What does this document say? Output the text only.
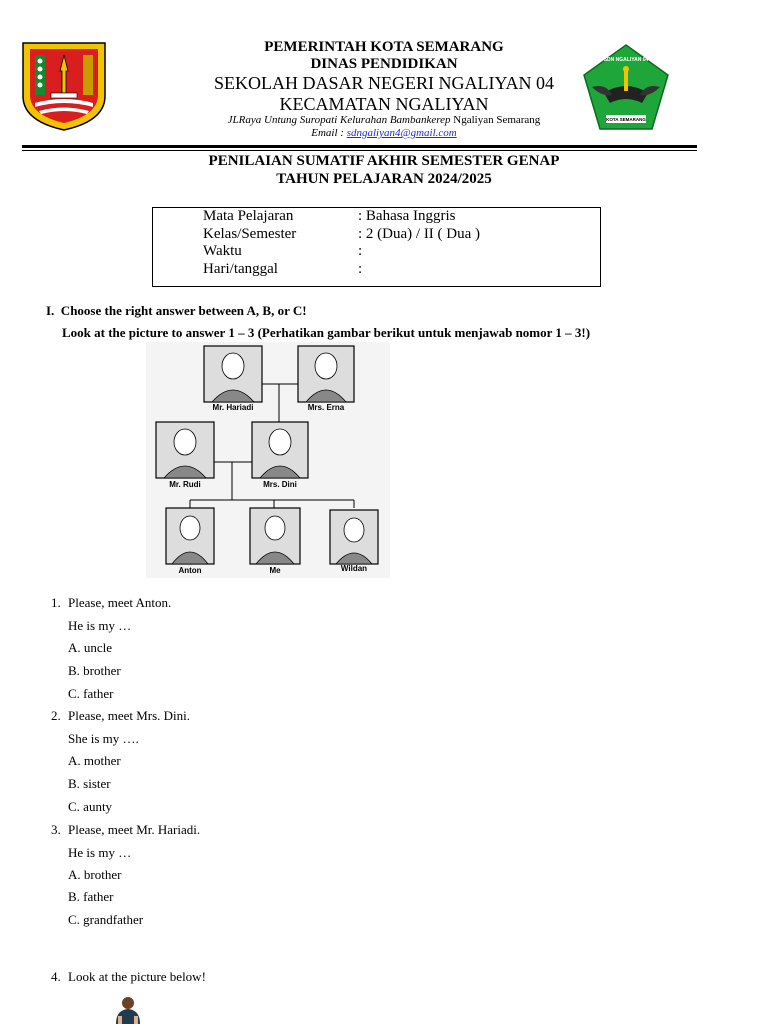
SDN NGALIYAN 04
KOTA SEMARANG
PEMERINTAH KOTA SEMARANG
DINAS PENDIDIKAN
SEKOLAH DASAR NEGERI NGALIYAN 04
KECAMATAN NGALIYAN
JLRaya Untung Suropati Kelurahan Bambankerep Ngaliyan Semarang
Email : sdngaliyan4@gmail.com
PENILAIAN SUMATIF AKHIR SEMESTER GENAP
TAHUN PELAJARAN 2024/2025
Mata Pelajaran	: Bahasa Inggris
Kelas/Semester	: 2 (Dua) / II ( Dua )
Waktu	:
Hari/tanggal	:
I.  Choose the right answer between A, B, or C!
Look at the picture to answer 1 – 3 (Perhatikan gambar berikut untuk menjawab nomor 1 – 3!)
Mr. Hariadi	Mrs. Erna
Mr. Rudi	Mrs. Dini
Anton	Me	Wildan
1. Please, meet Anton.
He is my …
A. uncle
B. brother
C. father
2. Please, meet Mrs. Dini.
She is my ….
A. mother
B. sister
C. aunty
3. Please, meet Mr. Hariadi.
He is my …
A. brother
B. father
C. grandfather
4. Look at the picture below!
